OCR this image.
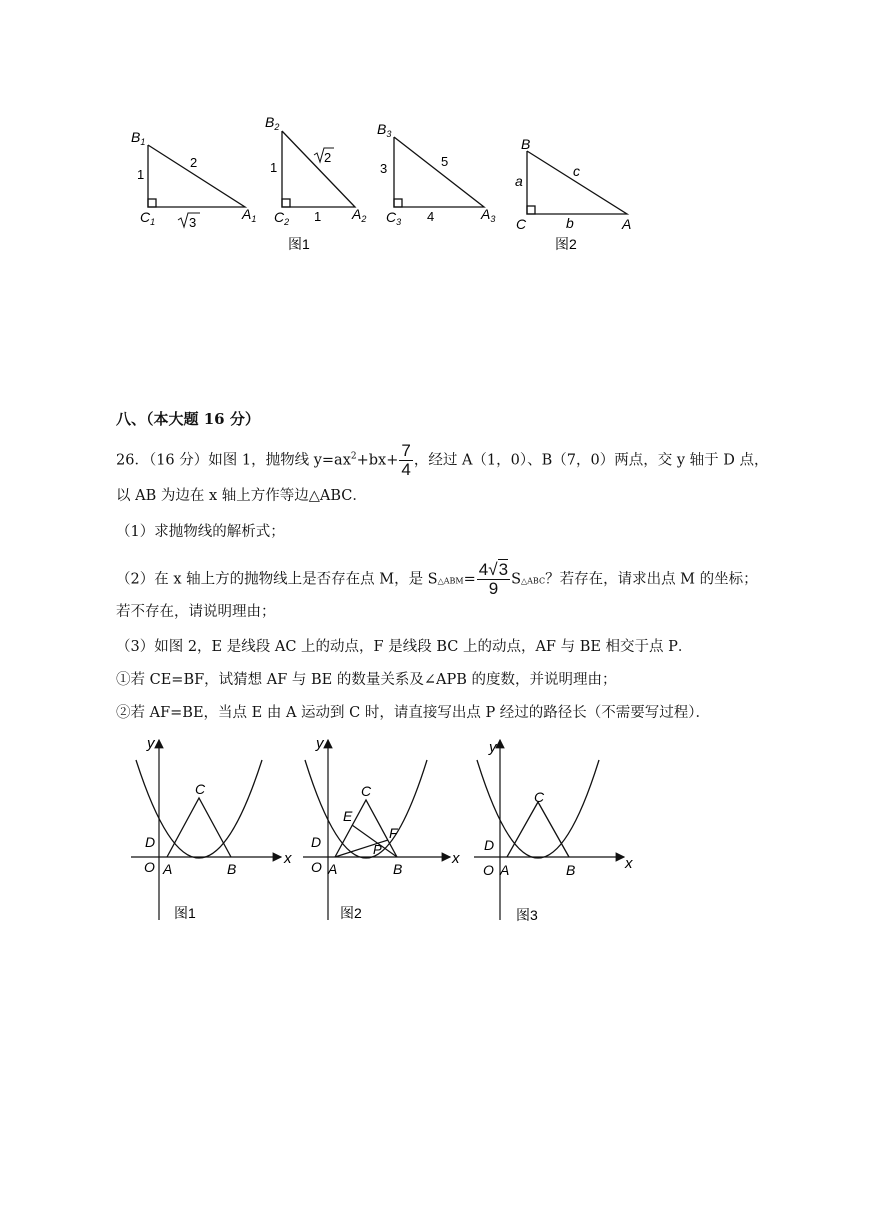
$B_1$
$C_1$	$A_1$
1
2
3
$B_2$
$C_2$	$A_2$
1
2
1
$B_3$
$C_3$	$A_3$
3	5
4
B
C	A
a
c
b
图1	图2
八、（本大题 16 分）
26．（16 分）如图 1，抛物线 $y=ax^2+bx+ \frac{7}{4}$ ，经过 A（1，0）、B（7，0）两点，交 y 轴于 D 点，
以 AB 为边在 x 轴上方作等边△ABC．
（1）求抛物线的解析式；
（2）在 x 轴上方的抛物线上是否存在点 M，是 S△ABM= $\frac{4√3}{9}$ S△ABC？若存在，请求出点 M 的坐标；
若不存在，请说明理由；
（3）如图 2，E 是线段 AC 上的动点，F 是线段 BC 上的动点，AF 与 BE 相交于点 P．
①若 CE=BF，试猜想 AF 与 BE 的数量关系及∠APB 的度数，并说明理由；
②若 AF=BE，当点 E 由 A 运动到 C 时，请直接写出点 P 经过的路径长（不需要写过程）．
y
x
O A	B
C
D
图1
y
x
O A	B
C
D
E
F
P
图2
y
x
O A	B
C
D
图3
